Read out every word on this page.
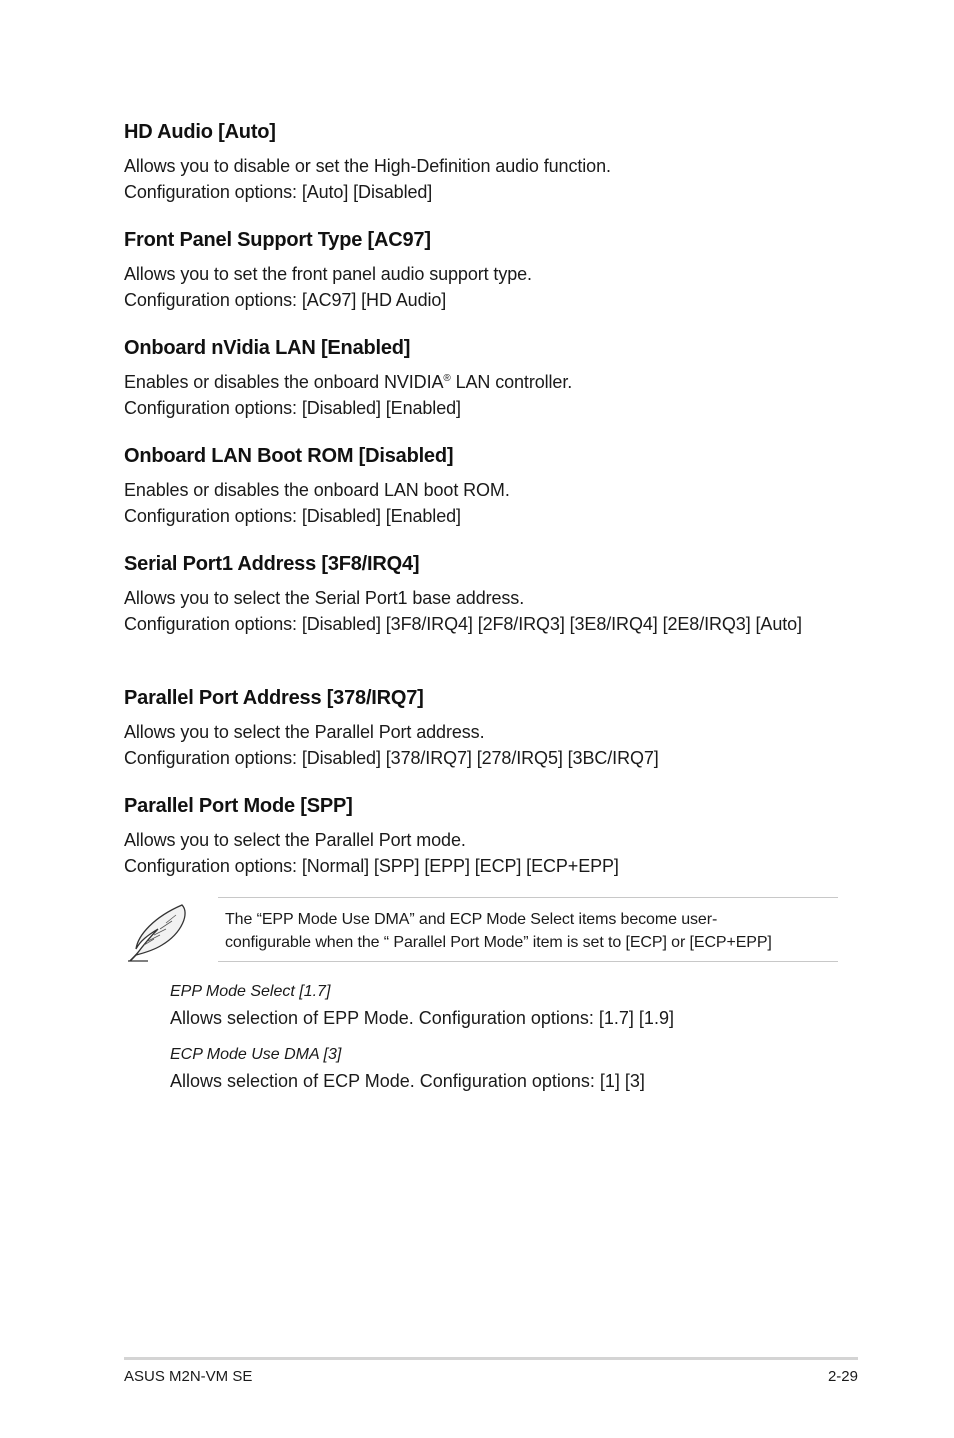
HD Audio [Auto]

Allows you to disable or set the High-Definition audio function.

Configuration options: [Auto] [Disabled]

Front Panel Support Type [AC97]

Allows you to set the front panel audio support type.

Configuration options: [AC97] [HD Audio]

Onboard nVidia LAN [Enabled]

Enables or disables the onboard NVIDIA® LAN controller.

Configuration options: [Disabled] [Enabled]

Onboard LAN Boot ROM [Disabled]

Enables or disables the onboard LAN boot ROM.

Configuration options: [Disabled] [Enabled]

Serial Port1 Address [3F8/IRQ4]

Allows you to select the Serial Port1 base address.

Configuration options: [Disabled] [3F8/IRQ4] [2F8/IRQ3] [3E8/IRQ4] [2E8/IRQ3] [Auto]

Parallel Port Address [378/IRQ7]

Allows you to select the Parallel Port address.

Configuration options: [Disabled] [378/IRQ7] [278/IRQ5] [3BC/IRQ7]

Parallel Port Mode [SPP]

Allows you to select the Parallel Port mode.

Configuration options: [Normal] [SPP] [EPP] [ECP] [ECP+EPP]

The “EPP Mode Use DMA” and ECP Mode Select items become user-
configurable when the “ Parallel Port Mode” item is set to [ECP] or [ECP+EPP]

EPP Mode Select [1.7]

Allows selection of EPP Mode. Configuration options: [1.7] [1.9]

ECP Mode Use DMA [3]

Allows selection of ECP Mode. Configuration options: [1] [3]

ASUS M2N-VM SE	2-29
